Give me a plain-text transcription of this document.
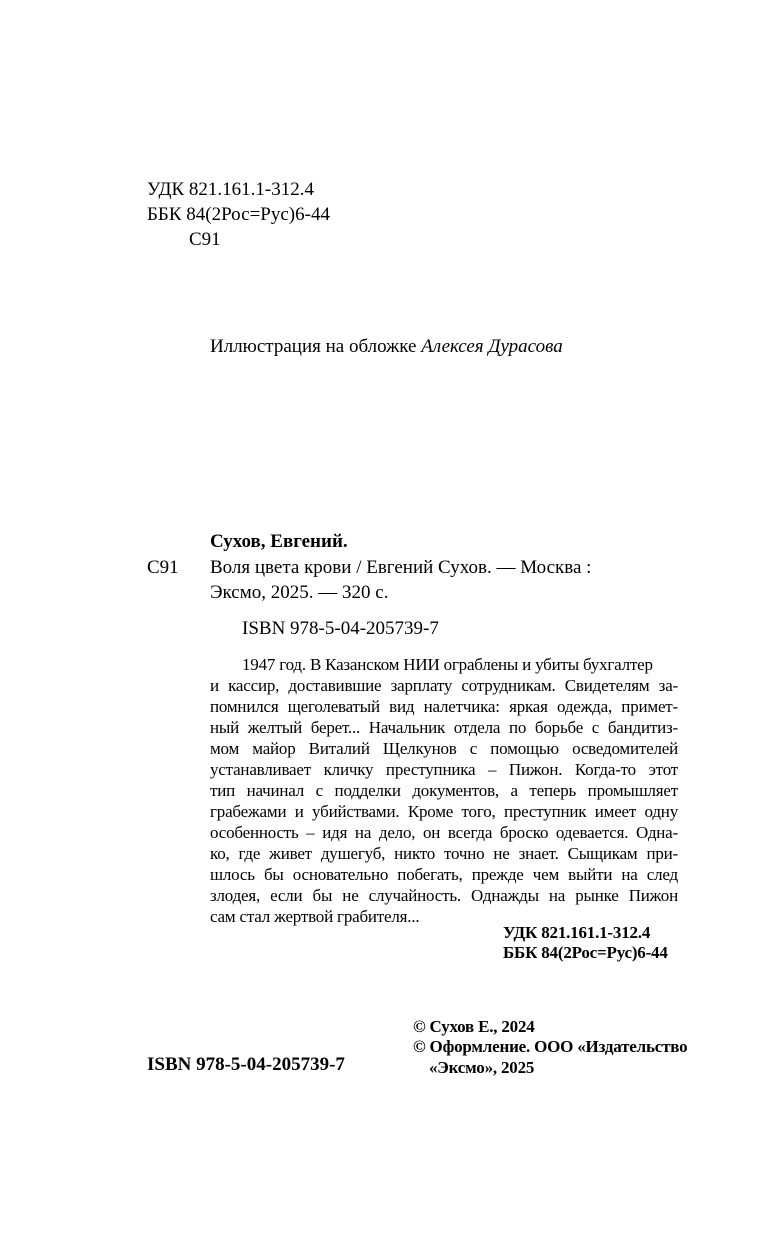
УДК 821.161.1-312.4
ББК 84(2Рос=Рус)6-44
С91
Иллюстрация на обложке Алексея Дурасова
Сухов, Евгений.
С91 Воля цвета крови / Евгений Сухов. — Москва :
Эксмо, 2025. — 320 с.
ISBN 978-5-04-205739-7
1947 год. В Казанском НИИ ограблены и убиты бухгалтер
и кассир, доставившие зарплату сотрудникам. Свидетелям за-
помнился щеголеватый вид налетчика: яркая одежда, примет-
ный желтый берет... Начальник отдела по борьбе с бандитиз-
мом майор Виталий Щелкунов с помощью осведомителей
устанавливает кличку преступника – Пижон. Когда-то этот
тип начинал с подделки документов, а теперь промышляет
грабежами и убийствами. Кроме того, преступник имеет одну
особенность – идя на дело, он всегда броско одевается. Одна-
ко, где живет душегуб, никто точно не знает. Сыщикам при-
шлось бы основательно побегать, прежде чем выйти на след
злодея, если бы не случайность. Однажды на рынке Пижон
сам стал жертвой грабителя...
УДК 821.161.1-312.4
ББК 84(2Рос=Рус)6-44
© Сухов Е., 2024
© Оформление. ООО «Издательство
ISBN 978-5-04-205739-7	«Эксмо», 2025
